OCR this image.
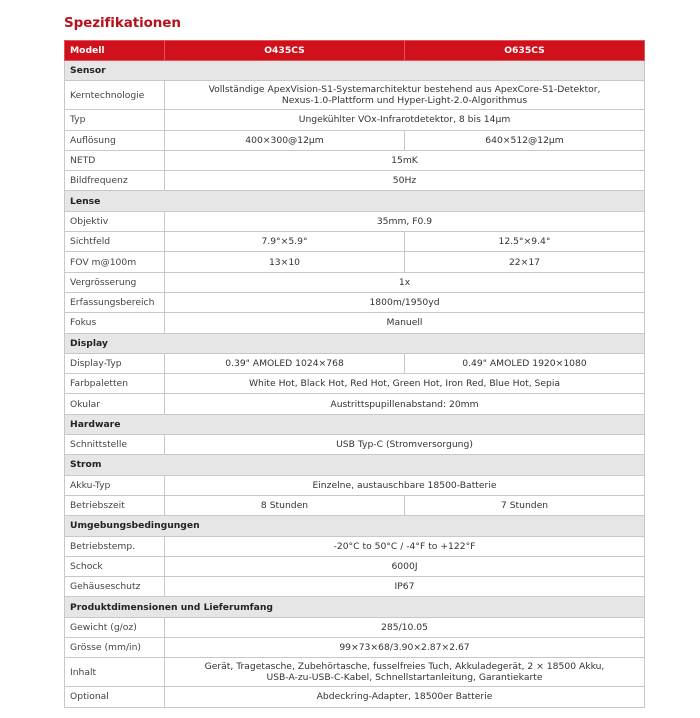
Spezifikationen
Modell	O435CS	O635CS
Sensor		
Kerntechnologie	Vollständige ApexVision-S1-Systemarchitektur bestehend aus ApexCore-S1-Detektor,
Nexus-1.0-Plattform und Hyper-Light-2.0-Algorithmus	
Typ	Ungekühlter VOx-Infrarotdetektor, 8 bis 14μm	
Auflösung	400×300@12μm	640×512@12μm
NETD	15mK	
Bildfrequenz	50Hz	
Lense		
Objektiv	35mm, F0.9	
Sichtfeld	7.9°×5.9°	12.5°×9.4°
FOV m@100m	13×10	22×17
Vergrösserung	1x	
Erfassungsbereich	1800m/1950yd	
Fokus	Manuell	
Display		
Display-Typ	0.39" AMOLED 1024×768	0.49" AMOLED 1920×1080
Farbpaletten	White Hot, Black Hot, Red Hot, Green Hot, Iron Red, Blue Hot, Sepia	
Okular	Austrittspupillenabstand: 20mm	
Hardware		
Schnittstelle	USB Typ-C (Stromversorgung)	
Strom		
Akku-Typ	Einzelne, austauschbare 18500-Batterie	
Betriebszeit	8 Stunden	7 Stunden
Umgebungsbedingungen		
Betriebstemp.	-20°C to 50°C / -4°F to +122°F	
Schock	6000J	
Gehäuseschutz	IP67	
Produktdimensionen und Lieferumfang		
Gewicht (g/oz)	285/10.05	
Grösse (mm/in)	99×73×68/3.90×2.87×2.67	
Inhalt	Gerät, Tragetasche, Zubehörtasche, fusselfreies Tuch, Akkuladegerät, 2 × 18500 Akku,
USB-A-zu-USB-C-Kabel, Schnellstartanleitung, Garantiekarte	
Optional	Abdeckring-Adapter, 18500er Batterie	
